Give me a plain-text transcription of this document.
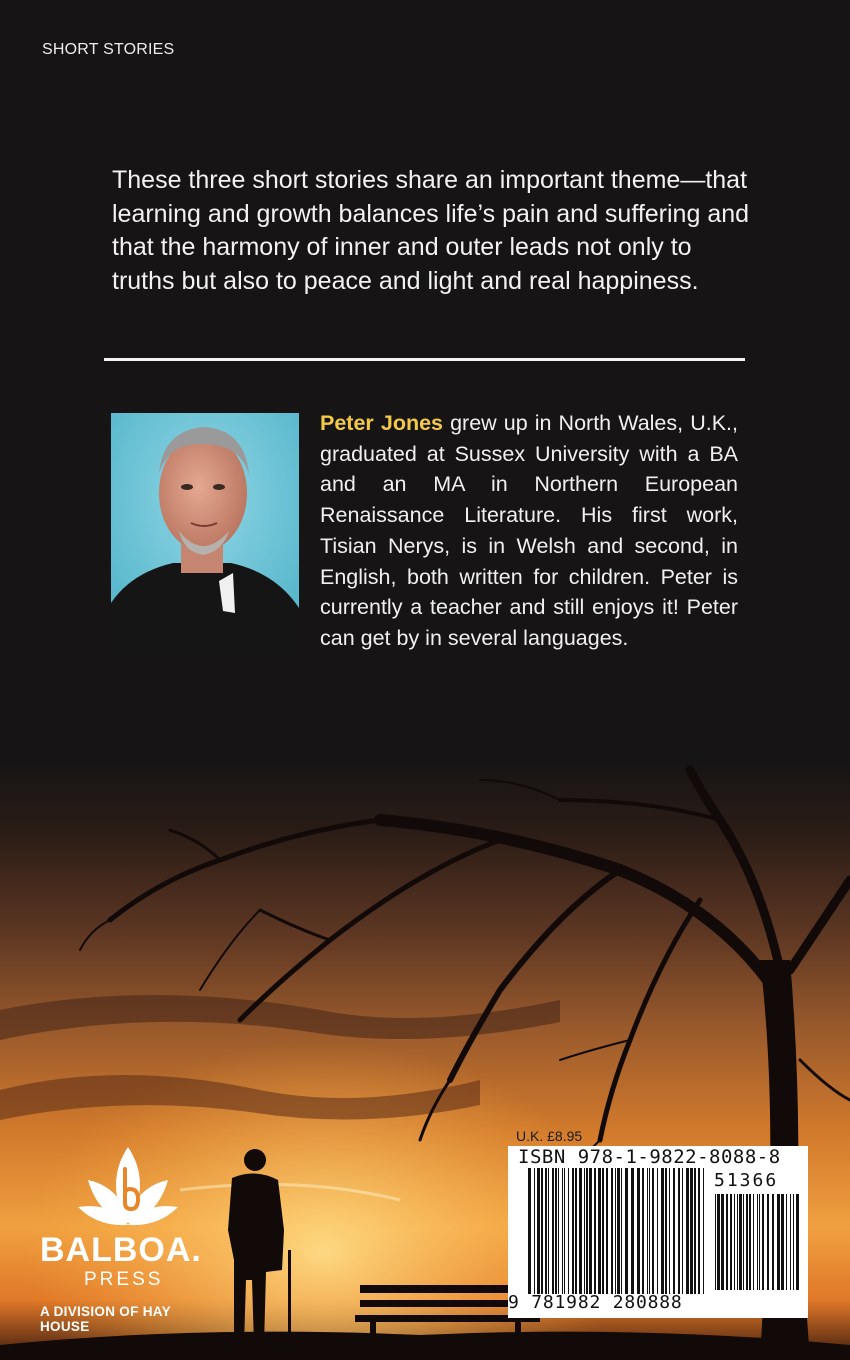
SHORT STORIES
These three short stories share an important theme—that learning and growth balances life’s pain and suffering and that the harmony of inner and outer leads not only to truths but also to peace and light and real happiness.
Peter Jones grew up in North Wales, U.K., graduated at Sussex University with a BA and an MA in Northern European Renaissance Literature. His first work, Tisian Nerys, is in Welsh and second, in English, both written for children. Peter is currently a teacher and still enjoys it! Peter can get by in several languages.
BALBOA.
PRESS
A DIVISION OF HAY HOUSE
U.K. £8.95
ISBN 978-1-9822-8088-8
51366
9 781982 280888
